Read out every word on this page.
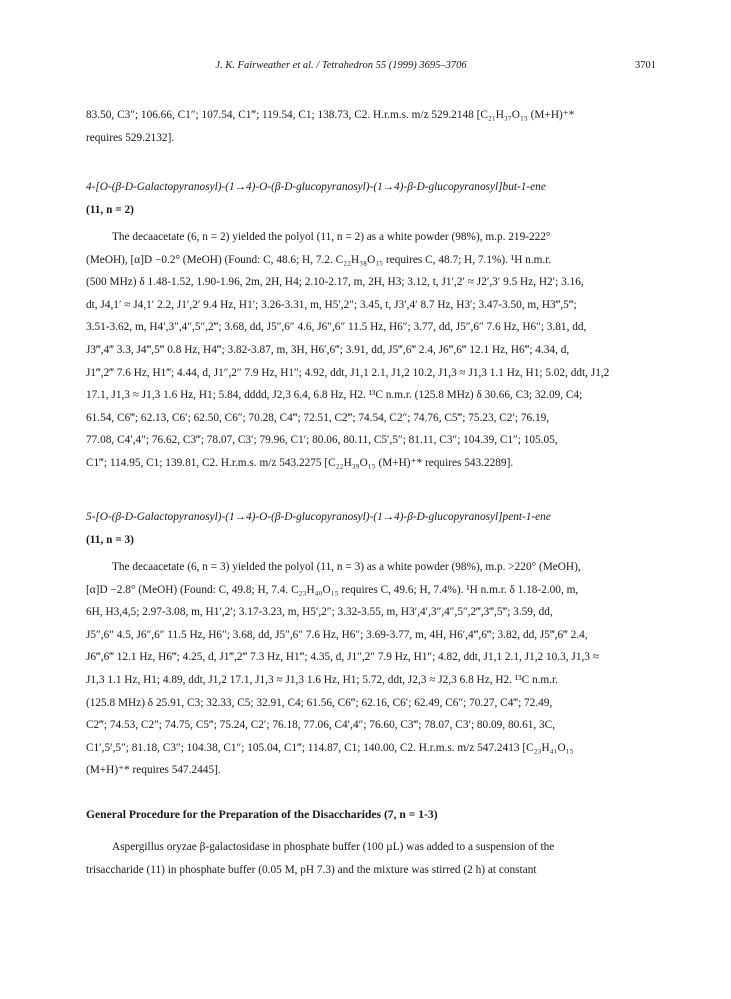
J. K. Fairweather et al. / Tetrahedron 55 (1999) 3695–3706	3701

83.50, C3″; 106.66, C1″; 107.54, C1‴; 119.54, C1; 138.73, C2. H.r.m.s. m/z 529.2148 [C₂₁H₃₇O₁₅ (M+H)⁺*

requires 529.2132].

4-[O-(β-D-Galactopyranosyl)-(1→4)-O-(β-D-glucopyranosyl)-(1→4)-β-D-glucopyranosyl]but-1-ene

(11, n = 2)

The decaacetate (6, n = 2) yielded the polyol (11, n = 2) as a white powder (98%), m.p. 219-222°

(MeOH), [α]D −0.2° (MeOH) (Found: C, 48.6; H, 7.2. C₂₂H₃₈O₁₅ requires C, 48.7; H, 7.1%). ¹H n.m.r.

(500 MHz) δ 1.48-1.52, 1.90-1.96, 2m, 2H, H4; 2.10-2.17, m, 2H, H3; 3.12, t, J1′,2′ ≈ J2′,3′ 9.5 Hz, H2′; 3.16,

dt, J4,1′ ≈ J4,1′ 2.2, J1′,2′ 9.4 Hz, H1′; 3.26-3.31, m, H5′,2″; 3.45, t, J3′,4′ 8.7 Hz, H3′; 3.47-3.50, m, H3‴,5‴;

3.51-3.62, m, H4′,3″,4″,5″,2‴; 3.68, dd, J5″,6″ 4.6, J6″,6″ 11.5 Hz, H6″; 3.77, dd, J5″,6″ 7.6 Hz, H6″; 3.81, dd,

J3‴,4‴ 3.3, J4‴,5‴ 0.8 Hz, H4‴; 3.82-3.87, m, 3H, H6′,6‴; 3.91, dd, J5‴,6‴ 2.4, J6‴,6‴ 12.1 Hz, H6‴; 4.34, d,

J1‴,2‴ 7.6 Hz, H1‴; 4.44, d, J1″,2″ 7.9 Hz, H1″; 4.92, ddt, J1,1 2.1, J1,2 10.2, J1,3 ≈ J1,3 1.1 Hz, H1; 5.02, ddt, J1,2

17.1, J1,3 ≈ J1,3 1.6 Hz, H1; 5.84, dddd, J2,3 6.4, 6.8 Hz, H2. ¹³C n.m.r. (125.8 MHz) δ 30.66, C3; 32.09, C4;

61.54, C6‴; 62.13, C6′; 62.50, C6″; 70.28, C4‴; 72.51, C2‴; 74.54, C2″; 74.76, C5‴; 75.23, C2′; 76.19,

77.08, C4′,4″; 76.62, C3‴; 78.07, C3′; 79.96, C1′; 80.06, 80.11, C5′,5″; 81.11, C3″; 104.39, C1″; 105.05,

C1‴; 114.95, C1; 139.81, C2. H.r.m.s. m/z 543.2275 [C₂₂H₃₉O₁₅ (M+H)⁺* requires 543.2289].

5-[O-(β-D-Galactopyranosyl)-(1→4)-O-(β-D-glucopyranosyl)-(1→4)-β-D-glucopyranosyl]pent-1-ene

(11, n = 3)

The decaacetate (6, n = 3) yielded the polyol (11, n = 3) as a white powder (98%), m.p. >220° (MeOH),

[α]D −2.8° (MeOH) (Found: C, 49.8; H, 7.4. C₂₃H₄₀O₁₅ requires C, 49.6; H, 7.4%). ¹H n.m.r. δ 1.18-2.00, m,

6H, H3,4,5; 2.97-3.08, m, H1′,2′; 3.17-3.23, m, H5′,2″; 3.32-3.55, m, H3′,4′,3″,4″,5″,2‴,3‴,5‴; 3.59, dd,

J5″,6″ 4.5, J6″,6″ 11.5 Hz, H6″; 3.68, dd, J5″,6″ 7.6 Hz, H6″; 3.69-3.77, m, 4H, H6′,4‴,6‴; 3.82, dd, J5‴,6‴ 2.4,

J6‴,6‴ 12.1 Hz, H6‴; 4.25, d, J1‴,2‴ 7.3 Hz, H1‴; 4.35, d, J1″,2″ 7.9 Hz, H1″; 4.82, ddt, J1,1 2.1, J1,2 10.3, J1,3 ≈

J1,3 1.1 Hz, H1; 4.89, ddt, J1,2 17.1, J1,3 ≈ J1,3 1.6 Hz, H1; 5.72, ddt, J2,3 ≈ J2,3 6.8 Hz, H2. ¹³C n.m.r.

(125.8 MHz) δ 25.91, C3; 32.33, C5; 32.91, C4; 61.56, C6‴; 62.16, C6′; 62.49, C6″; 70.27, C4‴; 72.49,

C2‴; 74.53, C2″; 74.75, C5‴; 75.24, C2′; 76.18, 77.06, C4′,4″; 76.60, C3‴; 78.07, C3′; 80.09, 80.61, 3C,

C1′,5′,5″; 81.18, C3″; 104.38, C1″; 105.04, C1‴; 114.87, C1; 140.00, C2. H.r.m.s. m/z 547.2413 [C₂₃H₄₁O₁₅

(M+H)⁺* requires 547.2445].

General Procedure for the Preparation of the Disaccharides (7, n = 1-3)

Aspergillus oryzae β-galactosidase in phosphate buffer (100 µL) was added to a suspension of the

trisaccharide (11) in phosphate buffer (0.05 M, pH 7.3) and the mixture was stirred (2 h) at constant
